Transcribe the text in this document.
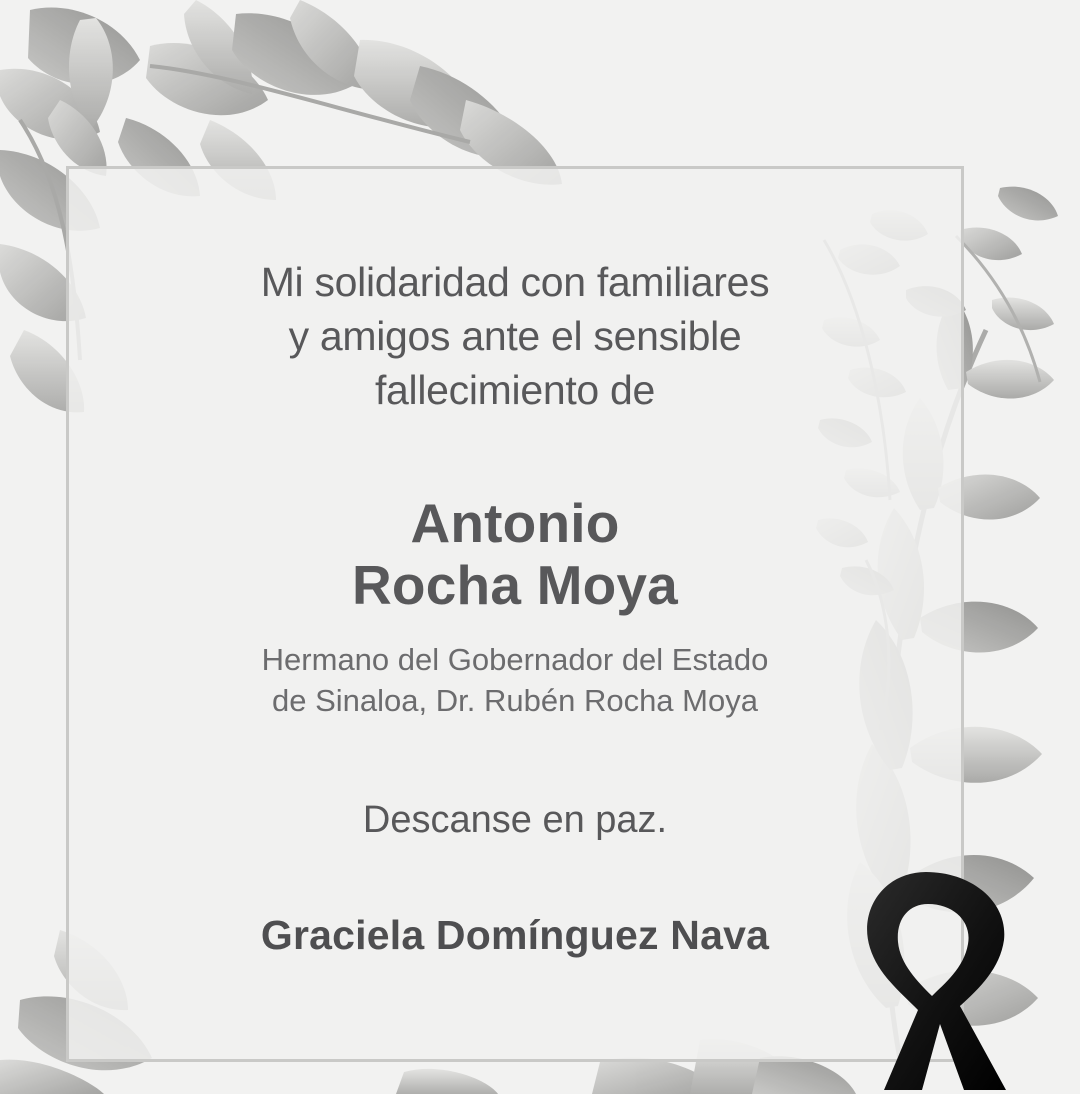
Mi solidaridad con familiares
y amigos ante el sensible
fallecimiento de
Antonio
Rocha Moya
Hermano del Gobernador del Estado
de Sinaloa, Dr. Rubén Rocha Moya
Descanse en paz.
Graciela Domínguez Nava
